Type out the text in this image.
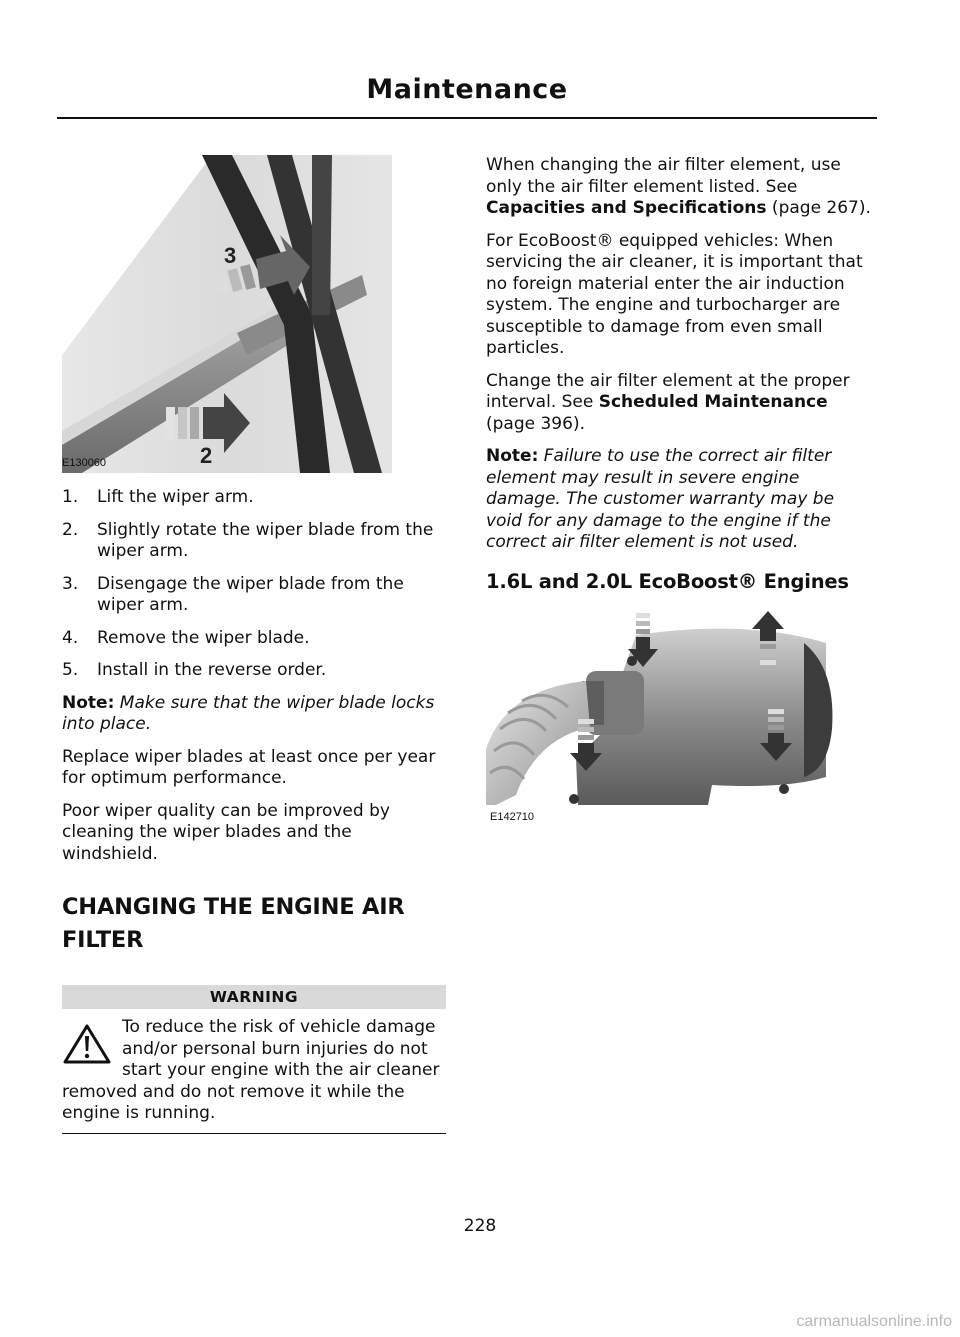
Maintenance
3
2
E130060
1. Lift the wiper arm.
2. Slightly rotate the wiper blade from the wiper arm.
3. Disengage the wiper blade from the wiper arm.
4. Remove the wiper blade.
5. Install in the reverse order.

Note: Make sure that the wiper blade locks into place.

Replace wiper blades at least once per year for optimum performance.

Poor wiper quality can be improved by cleaning the wiper blades and the windshield.

CHANGING THE ENGINE AIR
FILTER
WARNING
To reduce the risk of vehicle damage and/or personal burn injuries do not start your engine with the air cleaner removed and do not remove it while the engine is running.

When changing the air filter element, use only the air filter element listed. See Capacities and Specifications (page 267).

For EcoBoost® equipped vehicles: When servicing the air cleaner, it is important that no foreign material enter the air induction system. The engine and turbocharger are susceptible to damage from even small particles.

Change the air filter element at the proper interval. See Scheduled Maintenance (page 396).

Note: Failure to use the correct air filter element may result in severe engine damage. The customer warranty may be void for any damage to the engine if the correct air filter element is not used.

1.6L and 2.0L EcoBoost® Engines
E142710
228
carmanualsonline.info
